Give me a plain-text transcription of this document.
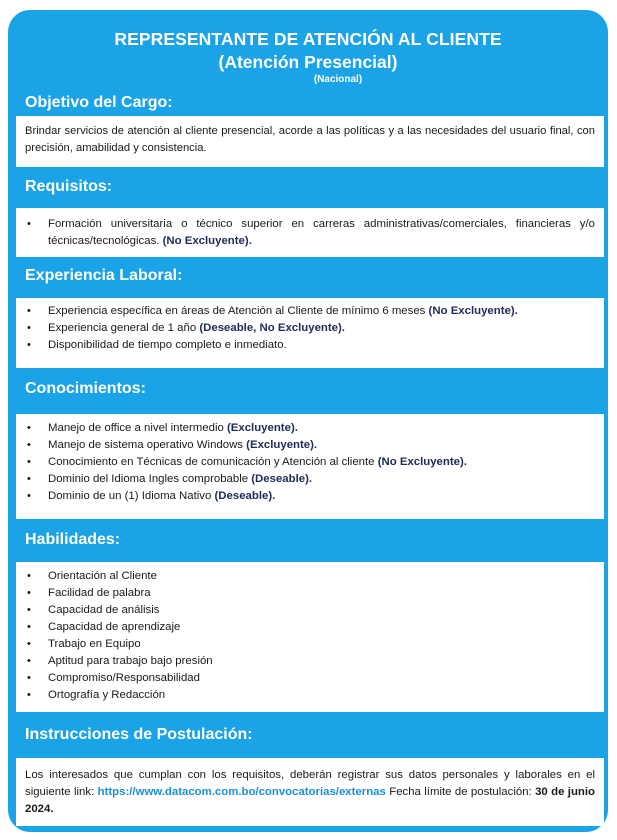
REPRESENTANTE DE ATENCIÓN AL CLIENTE
(Atención Presencial)
(Nacional)
Objetivo del Cargo:

Brindar servicios de atención al cliente presencial, acorde a las políticas y a las necesidades del usuario final, con precisión, amabilidad y consistencia.

Requisitos:
• Formación universitaria o técnico superior en carreras administrativas/comerciales, financieras y/o técnicas/tecnológicas. (No Excluyente).
Experiencia Laboral:
• Experiencia específica en áreas de Atención al Cliente de mínimo 6 meses (No Excluyente).
• Experiencia general de 1 año (Deseable, No Excluyente).
• Disponibilidad de tiempo completo e inmediato.
Conocimientos:
• Manejo de office a nivel intermedio (Excluyente).
• Manejo de sistema operativo Windows (Excluyente).
• Conocimiento en Técnicas de comunicación y Atención al cliente (No Excluyente).
• Dominio del Idioma Ingles comprobable (Deseable).
• Dominio de un (1) Idioma Nativo (Deseable).
Habilidades:
• Orientación al Cliente
• Facilidad de palabra
• Capacidad de análisis
• Capacidad de aprendizaje
• Trabajo en Equipo
• Aptitud para trabajo bajo presión
• Compromiso/Responsabilidad
• Ortografía y Redacción
Instrucciones de Postulación:

Los interesados que cumplan con los requisitos, deberán registrar sus datos personales y laborales en el siguiente link: https://www.datacom.com.bo/convocatorias/externas Fecha límite de postulación: 30 de junio 2024.
